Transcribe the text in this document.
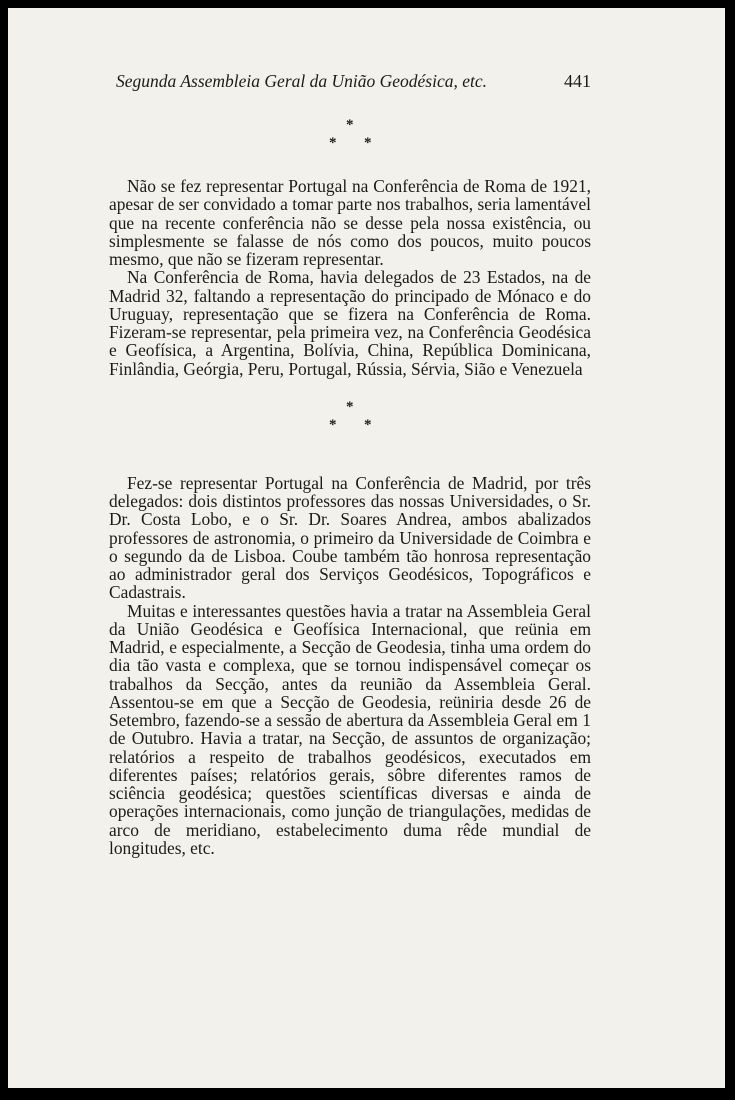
Segunda Assembleia Geral da União Geodésica, etc.	441
*
* *

Não se fez representar Portugal na Conferência de Roma de 1921, apesar de ser convidado a tomar parte nos trabalhos, seria lamentável que na recente conferência não se desse pela nossa existência, ou simplesmente se falasse de nós como dos poucos, muito poucos mesmo, que não se fizeram representar.

Na Conferência de Roma, havia delegados de 23 Estados, na de Madrid 32, faltando a representação do principado de Mónaco e do Uruguay, representação que se fizera na Conferência de Roma. Fizeram-se representar, pela primeira vez, na Conferência Geodésica e Geofísica, a Argentina, Bolívia, China, República Dominicana, Finlândia, Geórgia, Peru, Portugal, Rússia, Sérvia, Sião e Venezuela

*
* *

Fez-se representar Portugal na Conferência de Madrid, por três delegados: dois distintos professores das nossas Universidades, o Sr. Dr. Costa Lobo, e o Sr. Dr. Soares Andrea, ambos abalizados professores de astronomia, o primeiro da Universidade de Coimbra e o segundo da de Lisboa. Coube também tão honrosa representação ao administrador geral dos Serviços Geodésicos, Topográficos e Cadastrais.

Muitas e interessantes questões havia a tratar na Assembleia Geral da União Geodésica e Geofísica Internacional, que reünia em Madrid, e especialmente, a Secção de Geodesia, tinha uma ordem do dia tão vasta e complexa, que se tornou indispensável começar os trabalhos da Secção, antes da reunião da Assembleia Geral. Assentou-se em que a Secção de Geodesia, reüniria desde 26 de Setembro, fazendo-se a sessão de abertura da Assembleia Geral em 1 de Outubro. Havia a tratar, na Secção, de assuntos de organização; relatórios a respeito de trabalhos geodésicos, executados em diferentes países; relatórios gerais, sôbre diferentes ramos de sciência geodésica; questões scientíficas diversas e ainda de operações internacionais, como junção de triangulações, medidas de arco de meridiano, estabelecimento duma rêde mundial de longitudes, etc.
